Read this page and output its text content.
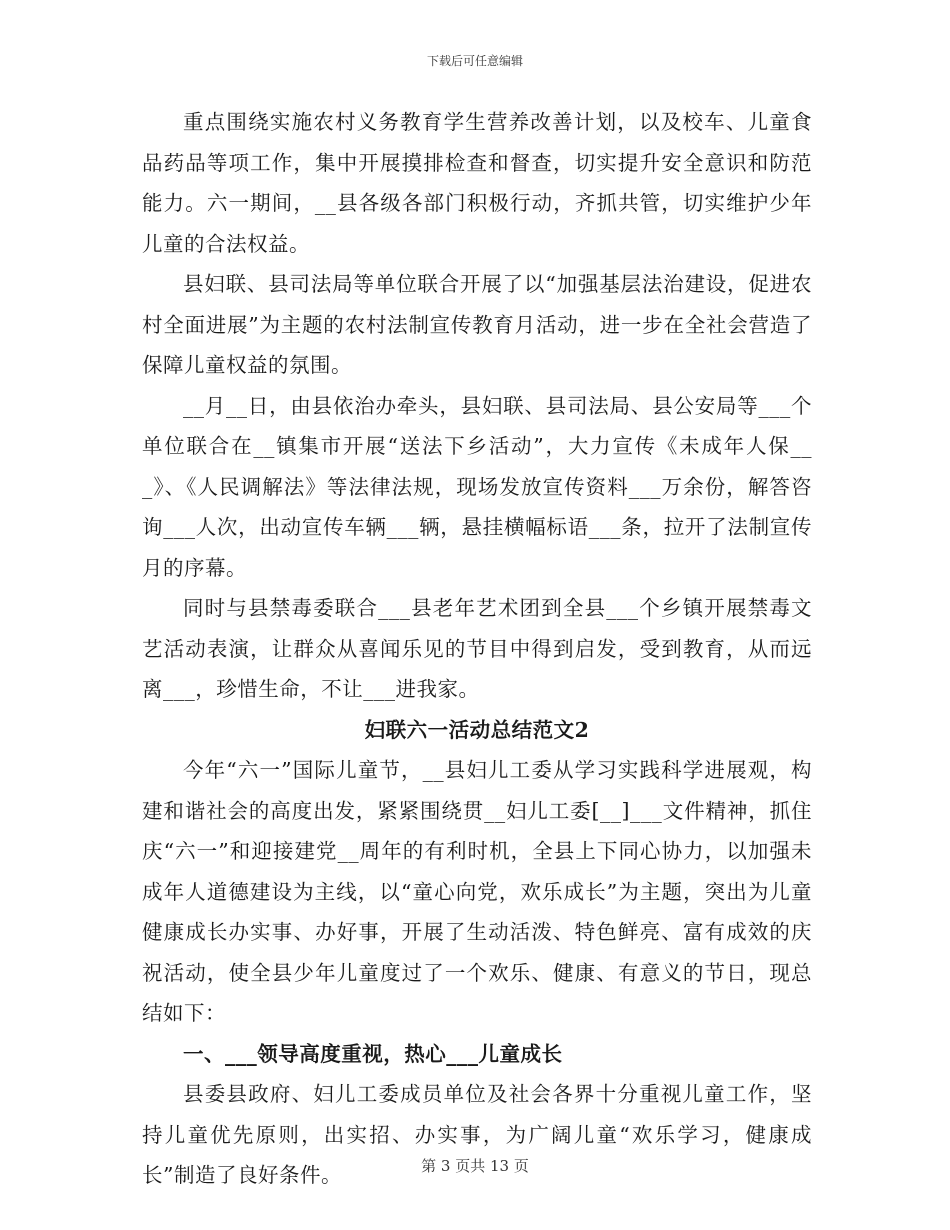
下载后可任意编辑

重点围绕实施农村义务教育学生营养改善计划，以及校车、儿童食品药品等项工作，集中开展摸排检查和督查，切实提升安全意识和防范能力。六一期间，__县各级各部门积极行动，齐抓共管，切实维护少年儿童的合法权益。

县妇联、县司法局等单位联合开展了以“加强基层法治建设，促进农村全面进展”为主题的农村法制宣传教育月活动，进一步在全社会营造了保障儿童权益的氛围。

__月__日，由县依治办牵头，县妇联、县司法局、县公安局等___个单位联合在__镇集市开展“送法下乡活动”，大力宣传《未成年人保___》、《人民调解法》等法律法规，现场发放宣传资料___万余份，解答咨询___人次，出动宣传车辆___辆，悬挂横幅标语___条，拉开了法制宣传月的序幕。

同时与县禁毒委联合___县老年艺术团到全县___个乡镇开展禁毒文艺活动表演，让群众从喜闻乐见的节目中得到启发，受到教育，从而远离___，珍惜生命，不让___进我家。

妇联六一活动总结范文2

今年“六一”国际儿童节，__县妇儿工委从学习实践科学进展观，构建和谐社会的高度出发，紧紧围绕贯__妇儿工委[__]___文件精神，抓住庆“六一”和迎接建党__周年的有利时机，全县上下同心协力，以加强未成年人道德建设为主线，以“童心向党，欢乐成长”为主题，突出为儿童健康成长办实事、办好事，开展了生动活泼、特色鲜亮、富有成效的庆祝活动，使全县少年儿童度过了一个欢乐、健康、有意义的节日，现总结如下：

一、___领导高度重视，热心___儿童成长

县委县政府、妇儿工委成员单位及社会各界十分重视儿童工作，坚持儿童优先原则，出实招、办实事，为广阔儿童“欢乐学习，健康成长”制造了良好条件。	第 3 页共 13 页
